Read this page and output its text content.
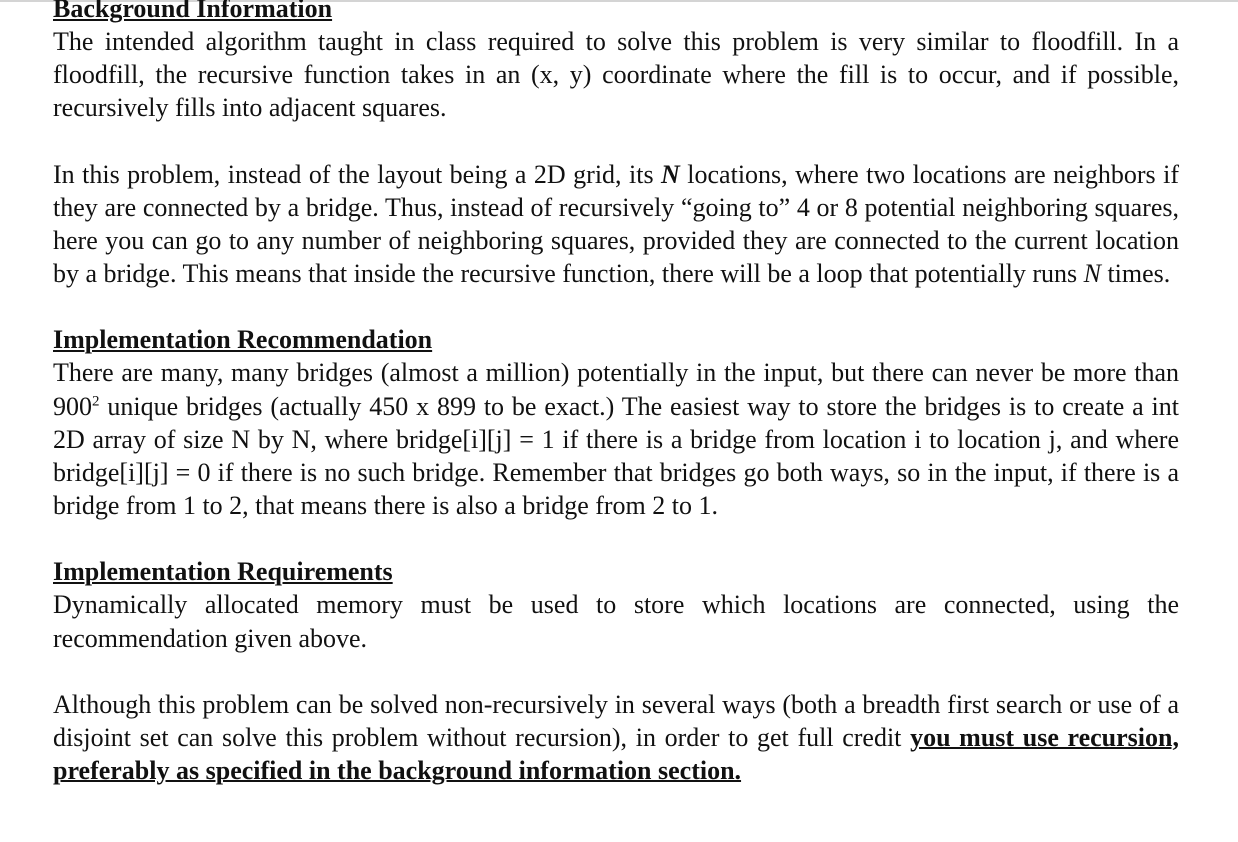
Background Information

The intended algorithm taught in class required to solve this problem is very similar to floodfill. In a floodfill, the recursive function takes in an (x, y) coordinate where the fill is to occur, and if possible, recursively fills into adjacent squares.

In this problem, instead of the layout being a 2D grid, its N locations, where two locations are neighbors if they are connected by a bridge. Thus, instead of recursively “going to” 4 or 8 potential neighboring squares, here you can go to any number of neighboring squares, provided they are connected to the current location by a bridge. This means that inside the recursive function, there will be a loop that potentially runs N times.

Implementation Recommendation

There are many, many bridges (almost a million) potentially in the input, but there can never be more than $900^2$ unique bridges (actually 450 x 899 to be exact.) The easiest way to store the bridges is to create a int 2D array of size N by N, where bridge[i][j] = 1 if there is a bridge from location i to location j, and where bridge[i][j] = 0 if there is no such bridge. Remember that bridges go both ways, so in the input, if there is a bridge from 1 to 2, that means there is also a bridge from 2 to 1.

Implementation Requirements

Dynamically allocated memory must be used to store which locations are connected, using the recommendation given above.

Although this problem can be solved non-recursively in several ways (both a breadth first search or use of a disjoint set can solve this problem without recursion), in order to get full credit you must use recursion, preferably as specified in the background information section.
